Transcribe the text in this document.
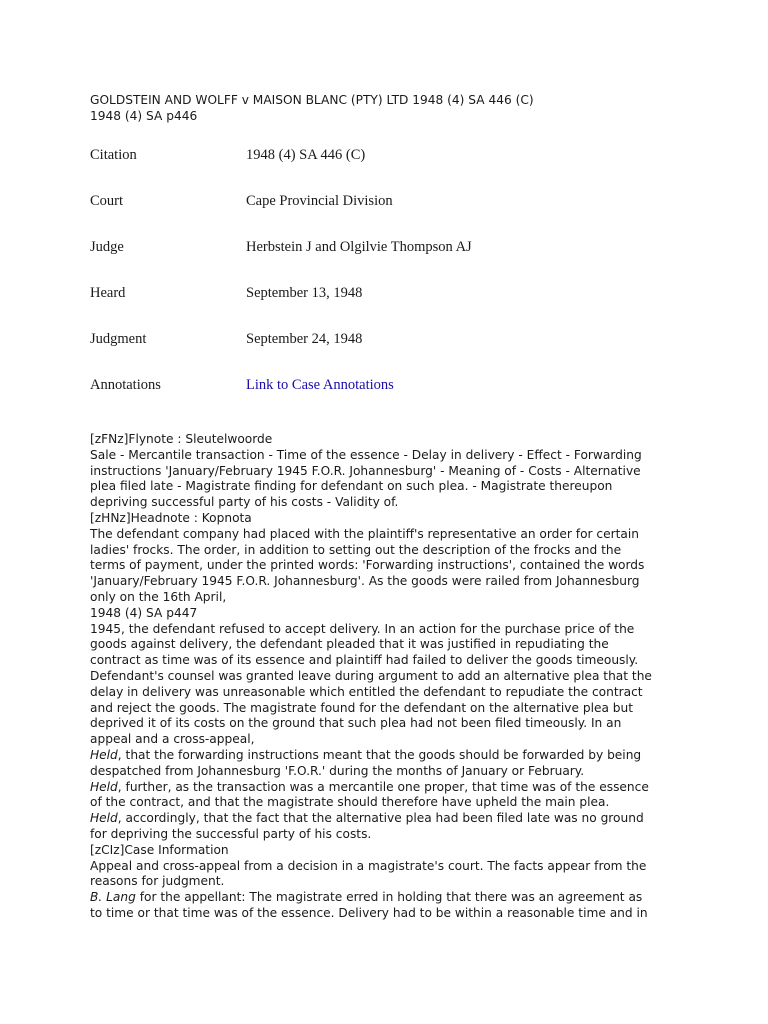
GOLDSTEIN AND WOLFF v MAISON BLANC (PTY) LTD 1948 (4) SA 446 (C)
1948 (4) SA p446
Citation	1948 (4) SA 446 (C)
Court	Cape Provincial Division
Judge	Herbstein J and Olgilvie Thompson AJ
Heard	September 13, 1948
Judgment	September 24, 1948
Annotations	Link to Case Annotations
[zFNz]Flynote : Sleutelwoorde
Sale - Mercantile transaction - Time of the essence - Delay in delivery - Effect - Forwarding
instructions 'January/February 1945 F.O.R. Johannesburg' - Meaning of - Costs - Alternative
plea filed late - Magistrate finding for defendant on such plea. - Magistrate thereupon
depriving successful party of his costs - Validity of.
[zHNz]Headnote : Kopnota
The defendant company had placed with the plaintiff's representative an order for certain
ladies' frocks. The order, in addition to setting out the description of the frocks and the
terms of payment, under the printed words: 'Forwarding instructions', contained the words
'January/February 1945 F.O.R. Johannesburg'. As the goods were railed from Johannesburg
only on the 16th April,
1948 (4) SA p447
1945, the defendant refused to accept delivery. In an action for the purchase price of the
goods against delivery, the defendant pleaded that it was justified in repudiating the
contract as time was of its essence and plaintiff had failed to deliver the goods timeously.
Defendant's counsel was granted leave during argument to add an alternative plea that the
delay in delivery was unreasonable which entitled the defendant to repudiate the contract
and reject the goods. The magistrate found for the defendant on the alternative plea but
deprived it of its costs on the ground that such plea had not been filed timeously. In an
appeal and a cross-appeal,
Held, that the forwarding instructions meant that the goods should be forwarded by being
despatched from Johannesburg 'F.O.R.' during the months of January or February.
Held, further, as the transaction was a mercantile one proper, that time was of the essence
of the contract, and that the magistrate should therefore have upheld the main plea.
Held, accordingly, that the fact that the alternative plea had been filed late was no ground
for depriving the successful party of his costs.
[zCIz]Case Information
Appeal and cross-appeal from a decision in a magistrate's court. The facts appear from the
reasons for judgment.
B. Lang for the appellant: The magistrate erred in holding that there was an agreement as
to time or that time was of the essence. Delivery had to be within a reasonable time and in
